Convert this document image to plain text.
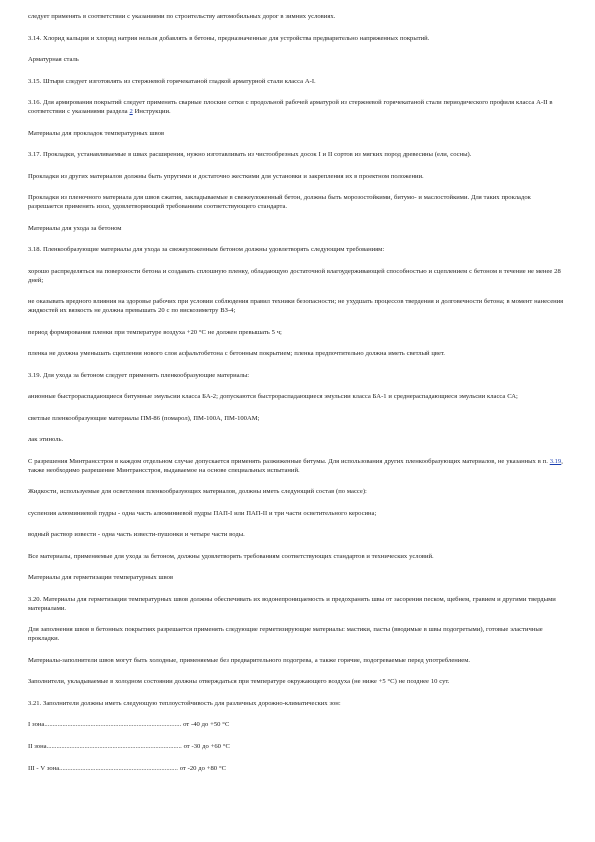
следует применять в соответствии с указаниями по строительству автомобильных дорог в зимних условиях.

3.14. Хлорид кальция и хлорид натрия нельзя добавлять в бетоны, предназначенные для устройства предварительно напряженных покрытий.

Арматурная сталь

3.15. Штыри следует изготовлять из стержневой горячекатаной гладкой арматурной стали класса А-I.

3.16. Для армирования покрытий следует применять сварные плоские сетки с продольной рабочей арматурой из стержневой горячекатаной стали периодического профиля класса А-II в соответствии с указаниями раздела 2 Инструкции.

Материалы для прокладок температурных швов

3.17. Прокладки, устанавливаемые в швах расширения, нужно изготавливать из чистообрезных досок I и II сортов из мягких пород древесины (ели, сосны).

Прокладки из других материалов должны быть упругими и достаточно жесткими для установки и закрепления их в проектном положении.

Прокладки из пленочного материала для швов сжатия, закладываемые в свежеуложенный бетон, должны быть морозостойкими, битумо- и маслостойкими. Для таких прокладок разрешается применять изол, удовлетворяющий требованиям соответствующего стандарта.

Материалы для ухода за бетоном

3.18. Пленкообразующие материалы для ухода за свежеуложенным бетоном должны удовлетворять следующим требованиям:

хорошо распределяться на поверхности бетона и создавать сплошную пленку, обладающую достаточной влагоудерживающей способностью и сцеплением с бетоном в течение не менее 28 дней;

не оказывать вредного влияния на здоровье рабочих при условии соблюдения правил техники безопасности; не ухудшать процессов твердения и долговечности бетона; в момент нанесения жидкостей их вязкость не должна превышать 20 с по вискозиметру ВЗ-4;

период формирования пленки при температуре воздуха +20 °С не должен превышать 5 ч;

пленка не должна уменьшать сцепления нового слоя асфальтобетона с бетонным покрытием; пленка предпочтительно должна иметь светлый цвет.

3.19. Для ухода за бетоном следует применять пленкообразующие материалы:

анионные быстрораспадающиеся битумные эмульсии класса БА-2; допускаются быстрораспадающиеся эмульсии класса БА-1 и среднераспадающиеся эмульсии класса СА;

светлые пленкообразующие материалы ПМ-86 (помарол), ПМ-100А, ПМ-100АМ;

лак этиноль.

С разрешения Минтрансстроя в каждом отдельном случае допускается применять разжиженные битумы. Для использования других пленкообразующих материалов, не указанных в п. 3.19, также необходимо разрешение Минтрансстроя, выдаваемое на основе специальных испытаний.

Жидкости, используемые для осветления пленкообразующих материалов, должны иметь следующий состав (по массе):

суспензия алюминиевой пудры - одна часть алюминиевой пудры ПАП-I или ПАП-II и три части осветительного керосина;

водный раствор извести - одна часть извести-пушонки и четыре части воды.

Все материалы, применяемые для ухода за бетоном, должны удовлетворять требованиям соответствующих стандартов и технических условий.

Материалы для герметизации температурных швов

3.20. Материалы для герметизации температурных швов должны обеспечивать их водонепроницаемость и предохранять швы от засорения песком, щебнем, гравием и другими твердыми материалами.

Для заполнения швов в бетонных покрытиях разрешается применять следующие герметизирующие материалы: мастики, пасты (вводимые в швы подогретыми), готовые эластичные прокладки.

Материалы-заполнители швов могут быть холодные, применяемые без предварительного подогрева, а также горячие, подогреваемые перед употреблением.

Заполнители, укладываемые в холодном состоянии должны отверждаться при температуре окружающего воздуха (не ниже +5 °С) не позднее 10 сут.

3.21. Заполнители должны иметь следующую теплоустойчивость для различных дорожно-климатических зон:

I зона................................................................................... от -40 до +50 °С

II зона.................................................................................. от -30 до +60 °С

III - V зона........................................................................ от -20 до +80 °С
